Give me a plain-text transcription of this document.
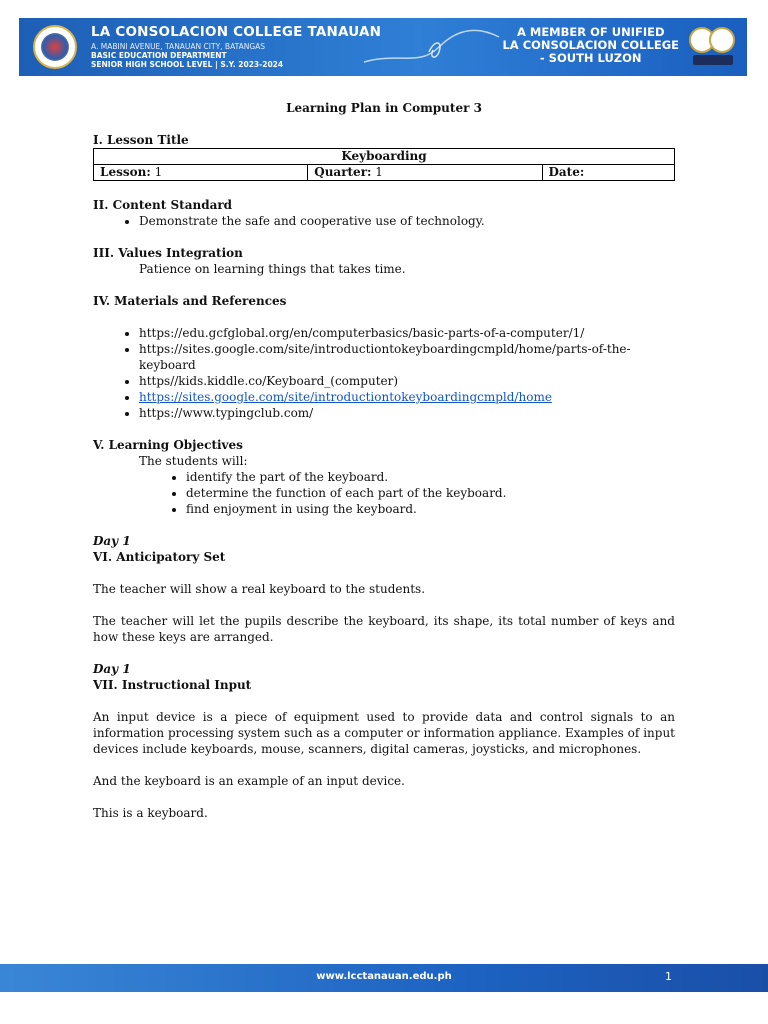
LA CONSOLACION COLLEGE TANAUAN
A. MABINI AVENUE, TANAUAN CITY, BATANGAS
BASIC EDUCATION DEPARTMENT
SENIOR HIGH SCHOOL LEVEL | S.Y. 2023-2024
A MEMBER OF UNIFIED
LA CONSOLACION COLLEGE
- SOUTH LUZON

Learning Plan in Computer 3

I. Lesson Title
Keyboarding
Lesson: 1	Quarter: 1	Date:
II. Content Standard
• Demonstrate the safe and cooperative use of technology.
III. Values Integration

Patience on learning things that takes time.

IV. Materials and References
• https://edu.gcfglobal.org/en/computerbasics/basic-parts-of-a-computer/1/
• https://sites.google.com/site/introductiontokeyboardingcmpld/home/parts-of-the-keyboard
• https//kids.kiddle.co/Keyboard_(computer)
• https://sites.google.com/site/introductiontokeyboardingcmpld/home
• https://www.typingclub.com/
V. Learning Objectives

The students will:

• identify the part of the keyboard.
• determine the function of each part of the keyboard.
• find enjoyment in using the keyboard.

Day 1

VI. Anticipatory Set

The teacher will show a real keyboard to the students.

The teacher will let the pupils describe the keyboard, its shape, its total number of keys and how these keys are arranged.

Day 1

VII. Instructional Input

An input device is a piece of equipment used to provide data and control signals to an information processing system such as a computer or information appliance. Examples of input devices include keyboards, mouse, scanners, digital cameras, joysticks, and microphones.

And the keyboard is an example of an input device.

This is a keyboard.

www.lcctanauan.edu.ph	1
